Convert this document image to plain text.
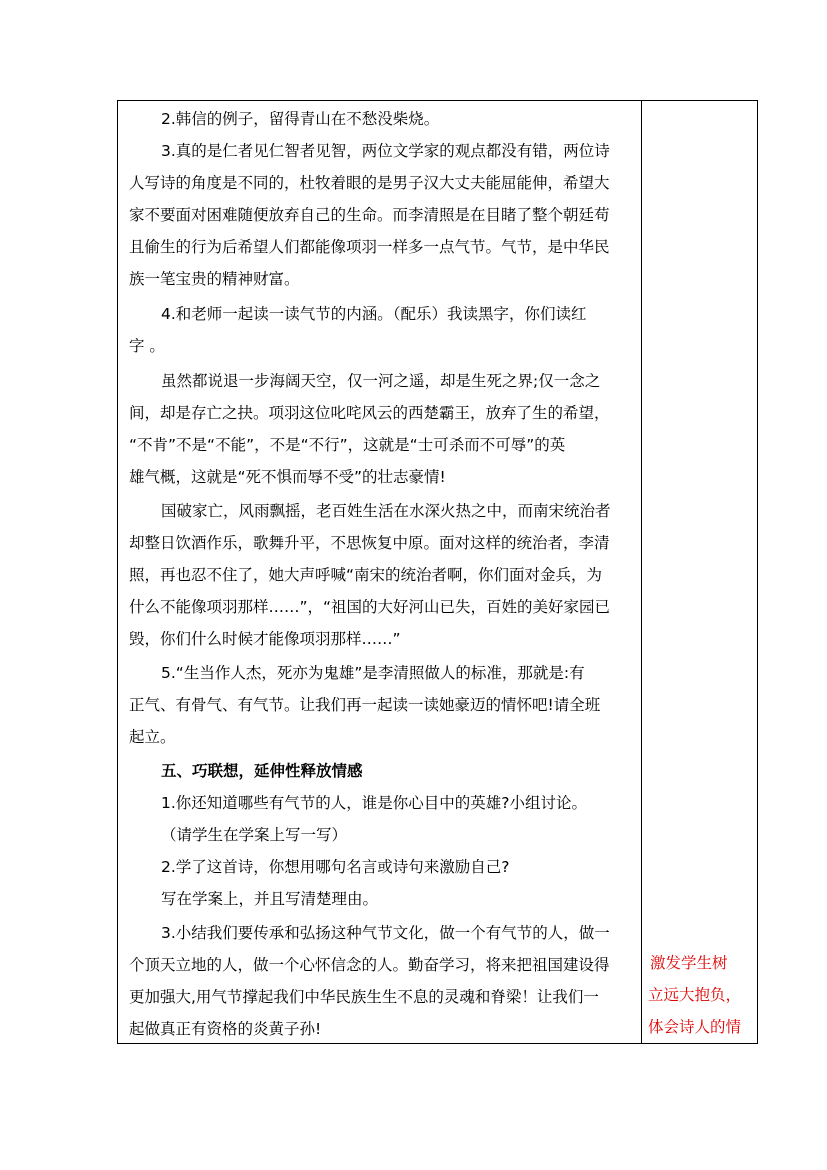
2.韩信的例子，留得青山在不愁没柴烧。
3.真的是仁者见仁智者见智，两位文学家的观点都没有错，两位诗
人写诗的角度是不同的，杜牧着眼的是男子汉大丈夫能屈能伸，希望大
家不要面对困难随便放弃自己的生命。而李清照是在目睹了整个朝廷苟
且偷生的行为后希望人们都能像项羽一样多一点气节。气节，是中华民
族一笔宝贵的精神财富。
4.和老师一起读一读气节的内涵。（配乐）我读黑字，你们读红
字 。
虽然都说退一步海阔天空，仅一河之遥，却是生死之界;仅一念之
间，却是存亡之抉。项羽这位叱咤风云的西楚霸王，放弃了生的希望，
“不肯”不是“不能”，不是“不行”，这就是“士可杀而不可辱”的英
雄气概，这就是“死不惧而辱不受”的壮志豪情!
国破家亡，风雨飘摇，老百姓生活在水深火热之中，而南宋统治者
却整日饮酒作乐，歌舞升平，不思恢复中原。面对这样的统治者，李清
照，再也忍不住了，她大声呼喊“南宋的统治者啊，你们面对金兵，为
什么不能像项羽那样……”，“祖国的大好河山已失，百姓的美好家园已
毁，你们什么时候才能像项羽那样……”
5.“生当作人杰，死亦为鬼雄”是李清照做人的标准，那就是:有
正气、有骨气、有气节。让我们再一起读一读她豪迈的情怀吧!请全班
起立。
五、巧联想，延伸性释放情感
1.你还知道哪些有气节的人，谁是你心目中的英雄?小组讨论。
（请学生在学案上写一写）
2.学了这首诗，你想用哪句名言或诗句来激励自己?
写在学案上，并且写清楚理由。
3.小结我们要传承和弘扬这种气节文化，做一个有气节的人，做一
个顶天立地的人，做一个心怀信念的人。勤奋学习，将来把祖国建设得
更加强大,用气节撑起我们中华民族生生不息的灵魂和脊梁！让我们一
起做真正有资格的炎黄子孙!
激发学生树
立远大抱负，
体会诗人的情
